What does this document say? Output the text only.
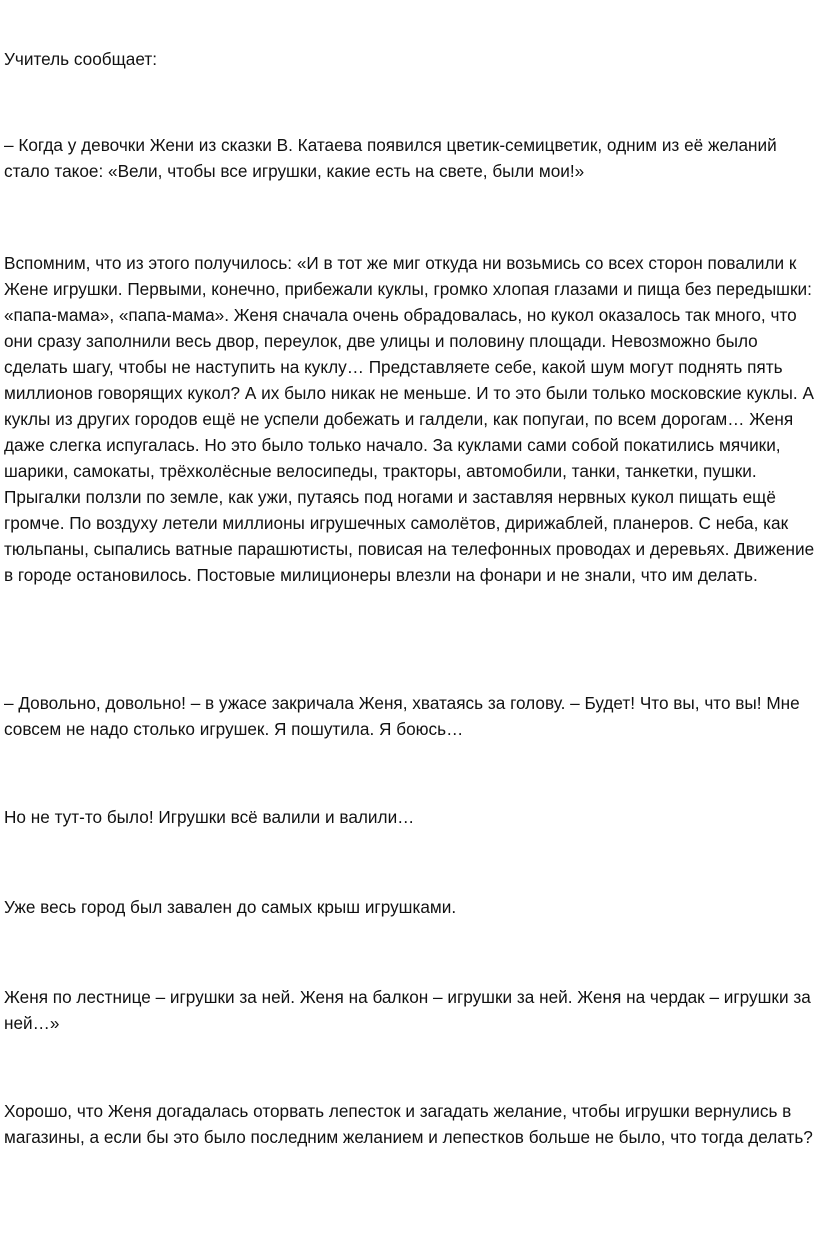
Учитель сообщает:

– Когда у девочки Жени из сказки В. Катаева появился цветик-семицветик, одним из её желаний стало такое: «Вели, чтобы все игрушки, какие есть на свете, были мои!»

Вспомним, что из этого получилось: «И в тот же миг откуда ни возьмись со всех сторон повалили к Жене игрушки. Первыми, конечно, прибежали куклы, громко хлопая глазами и пища без передышки: «папа-мама», «папа-мама». Женя сначала очень обрадовалась, но кукол оказалось так много, что они сразу заполнили весь двор, переулок, две улицы и половину площади. Невозможно было сделать шагу, чтобы не наступить на куклу… Представляете себе, какой шум могут поднять пять миллионов говорящих кукол? А их было никак не меньше. И то это были только московские куклы. А куклы из других городов ещё не успели добежать и галдели, как попугаи, по всем дорогам… Женя даже слегка испугалась. Но это было только начало. За куклами сами собой покатились мячики, шарики, самокаты, трёхколёсные велосипеды, тракторы, автомобили, танки, танкетки, пушки. Прыгалки ползли по земле, как ужи, путаясь под ногами и заставляя нервных кукол пищать ещё громче. По воздуху летели миллионы игрушечных самолётов, дирижаблей, планеров. С неба, как тюльпаны, сыпались ватные парашютисты, повисая на телефонных проводах и деревьях. Движение в городе остановилось. Постовые милиционеры влезли на фонари и не знали, что им делать.

– Довольно, довольно! – в ужасе закричала Женя, хватаясь за голову. – Будет! Что вы, что вы! Мне совсем не надо столько игрушек. Я пошутила. Я боюсь…

Но не тут-то было! Игрушки всё валили и валили…

Уже весь город был завален до самых крыш игрушками.

Женя по лестнице – игрушки за ней. Женя на балкон – игрушки за ней. Женя на чердак – игрушки за ней…»

Хорошо, что Женя догадалась оторвать лепесток и загадать желание, чтобы игрушки вернулись в магазины, а если бы это было последним желанием и лепестков больше не было, что тогда делать?
